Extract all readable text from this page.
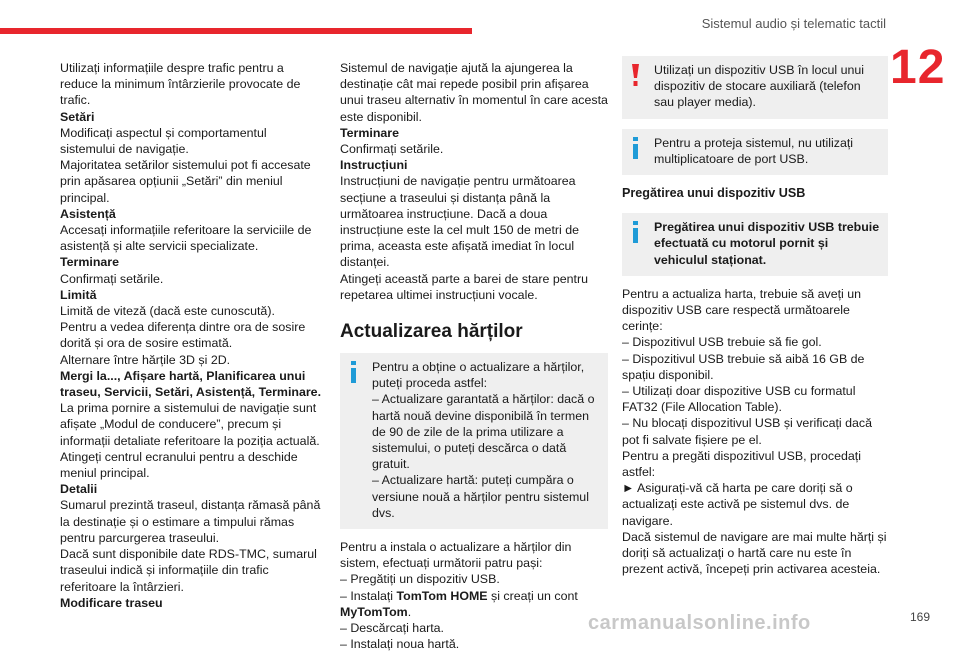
Sistemul audio și telematic tactil
12

Utilizați informațiile despre trafic pentru a reduce la minimum întârzierile provocate de trafic.

Setări

Modificați aspectul și comportamentul sistemului de navigație.

Majoritatea setărilor sistemului pot fi accesate prin apăsarea opțiunii „Setări” din meniul principal.

Asistență

Accesați informațiile referitoare la serviciile de asistență și alte servicii specializate.

Terminare

Confirmați setările.

Limită

Limită de viteză (dacă este cunoscută).

Pentru a vedea diferența dintre ora de sosire dorită și ora de sosire estimată.

Alternare între hărțile 3D și 2D.

Mergi la..., Afișare hartă, Planificarea unui traseu, Servicii, Setări, Asistență, Terminare.

La prima pornire a sistemului de navigație sunt afișate „Modul de conducere”, precum și informații detaliate referitoare la poziția actuală. Atingeți centrul ecranului pentru a deschide meniul principal.

Detalii

Sumarul prezintă traseul, distanța rămasă până la destinație și o estimare a timpului rămas pentru parcurgerea traseului.

Dacă sunt disponibile date RDS-TMC, sumarul traseului indică și informațiile din trafic referitoare la întârzieri.

Modificare traseu

Sistemul de navigație ajută la ajungerea la destinație cât mai repede posibil prin afișarea unui traseu alternativ în momentul în care acesta este disponibil.

Terminare

Confirmați setările.

Instrucțiuni

Instrucțiuni de navigație pentru următoarea secțiune a traseului și distanța până la următoarea instrucțiune. Dacă a doua instrucțiune este la cel mult 150 de metri de prima, aceasta este afișată imediat în locul distanței.

Atingeți această parte a barei de stare pentru repetarea ultimei instrucțiuni vocale.

Actualizarea hărților

Pentru a obține o actualizare a hărților, puteți proceda astfel:

– Actualizare garantată a hărților: dacă o hartă nouă devine disponibilă în termen de 90 de zile de la prima utilizare a sistemului, o puteți descărca o dată gratuit.

– Actualizare hartă: puteți cumpăra o versiune nouă a hărților pentru sistemul dvs.

Pentru a instala o actualizare a hărților din sistem, efectuați următorii patru pași:

– Pregătiți un dispozitiv USB.

– Instalați TomTom HOME și creați un cont MyTomTom.

– Descărcați harta.

– Instalați noua hartă.

Utilizați un dispozitiv USB în locul unui dispozitiv de stocare auxiliară (telefon sau player media).

Pentru a proteja sistemul, nu utilizați multiplicatoare de port USB.

Pregătirea unui dispozitiv USB

Pregătirea unui dispozitiv USB trebuie efectuată cu motorul pornit și vehiculul staționat.

Pentru a actualiza harta, trebuie să aveți un dispozitiv USB care respectă următoarele cerințe:

– Dispozitivul USB trebuie să fie gol.

– Dispozitivul USB trebuie să aibă 16 GB de spațiu disponibil.

– Utilizați doar dispozitive USB cu formatul FAT32 (File Allocation Table).

– Nu blocați dispozitivul USB și verificați dacă pot fi salvate fișiere pe el.

Pentru a pregăti dispozitivul USB, procedați astfel:

► Asigurați-vă că harta pe care doriți să o actualizați este activă pe sistemul dvs. de navigare.

Dacă sistemul de navigare are mai multe hărți și doriți să actualizați o hartă care nu este în prezent activă, începeți prin activarea acesteia.

carmanualsonline.info	169
